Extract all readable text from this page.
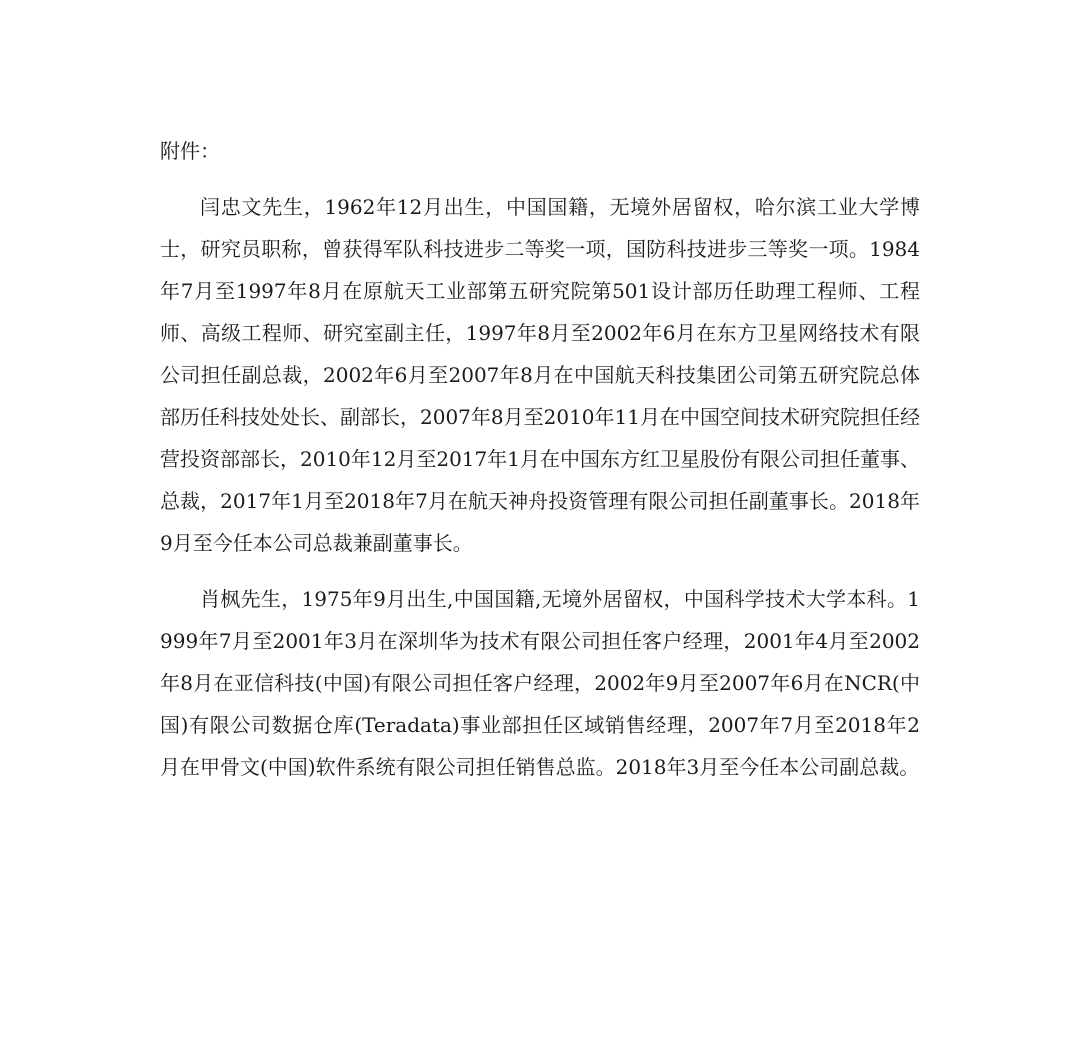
附件：

闫忠文先生，1962年12月出生，中国国籍，无境外居留权，哈尔滨工业大学博士，研究员职称，曾获得军队科技进步二等奖一项，国防科技进步三等奖一项。1984年7月至1997年8月在原航天工业部第五研究院第501设计部历任助理工程师、工程师、高级工程师、研究室副主任，1997年8月至2002年6月在东方卫星网络技术有限公司担任副总裁，2002年6月至2007年8月在中国航天科技集团公司第五研究院总体部历任科技处处长、副部长，2007年8月至2010年11月在中国空间技术研究院担任经营投资部部长，2010年12月至2017年1月在中国东方红卫星股份有限公司担任董事、总裁，2017年1月至2018年7月在航天神舟投资管理有限公司担任副董事长。2018年9月至今任本公司总裁兼副董事长。

肖枫先生，1975年9月出生,中国国籍,无境外居留权，中国科学技术大学本科。1999年7月至2001年3月在深圳华为技术有限公司担任客户经理，2001年4月至2002年8月在亚信科技(中国)有限公司担任客户经理，2002年9月至2007年6月在NCR(中国)有限公司数据仓库(Teradata)事业部担任区域销售经理，2007年7月至2018年2月在甲骨文(中国)软件系统有限公司担任销售总监。2018年3月至今任本公司副总裁。
